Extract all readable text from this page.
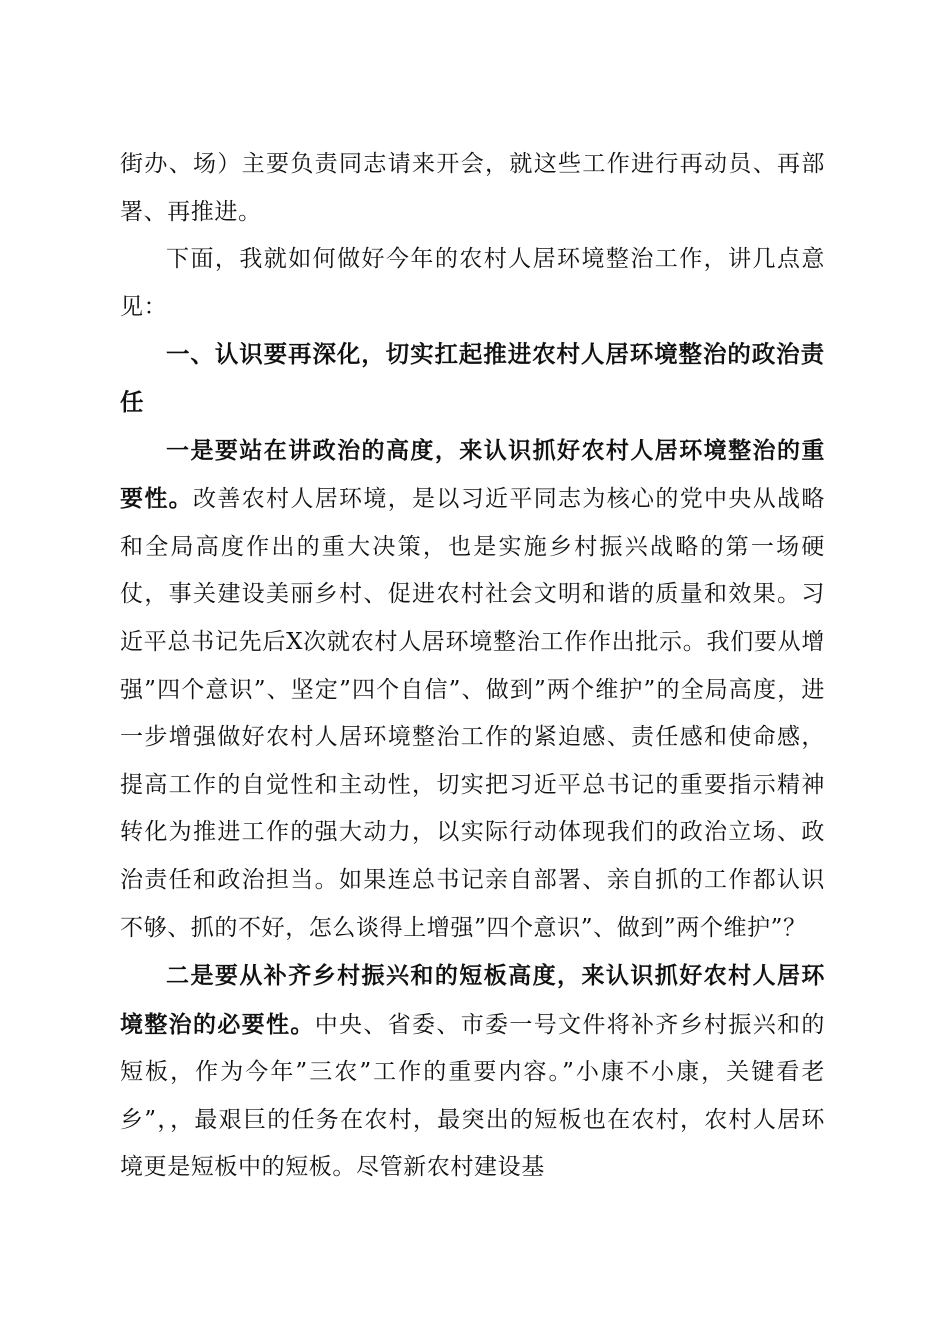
街办、场）主要负责同志请来开会，就这些工作进行再动员、再部署、再推进。

下面，我就如何做好今年的农村人居环境整治工作，讲几点意见：

一、认识要再深化，切实扛起推进农村人居环境整治的政治责任

一是要站在讲政治的高度，来认识抓好农村人居环境整治的重要性。改善农村人居环境，是以习近平同志为核心的党中央从战略和全局高度作出的重大决策，也是实施乡村振兴战略的第一场硬仗，事关建设美丽乡村、促进农村社会文明和谐的质量和效果。习近平总书记先后X次就农村人居环境整治工作作出批示。我们要从增强”四个意识”、坚定”四个自信”、做到”两个维护”的全局高度，进一步增强做好农村人居环境整治工作的紧迫感、责任感和使命感，提高工作的自觉性和主动性，切实把习近平总书记的重要指示精神转化为推进工作的强大动力，以实际行动体现我们的政治立场、政治责任和政治担当。如果连总书记亲自部署、亲自抓的工作都认识不够、抓的不好，怎么谈得上增强”四个意识”、做到”两个维护”？

二是要从补齐乡村振兴和的短板高度，来认识抓好农村人居环境整治的必要性。中央、省委、市委一号文件将补齐乡村振兴和的短板，作为今年”三农”工作的重要内容。”小康不小康，关键看老乡”，，最艰巨的任务在农村，最突出的短板也在农村，农村人居环境更是短板中的短板。尽管新农村建设基
